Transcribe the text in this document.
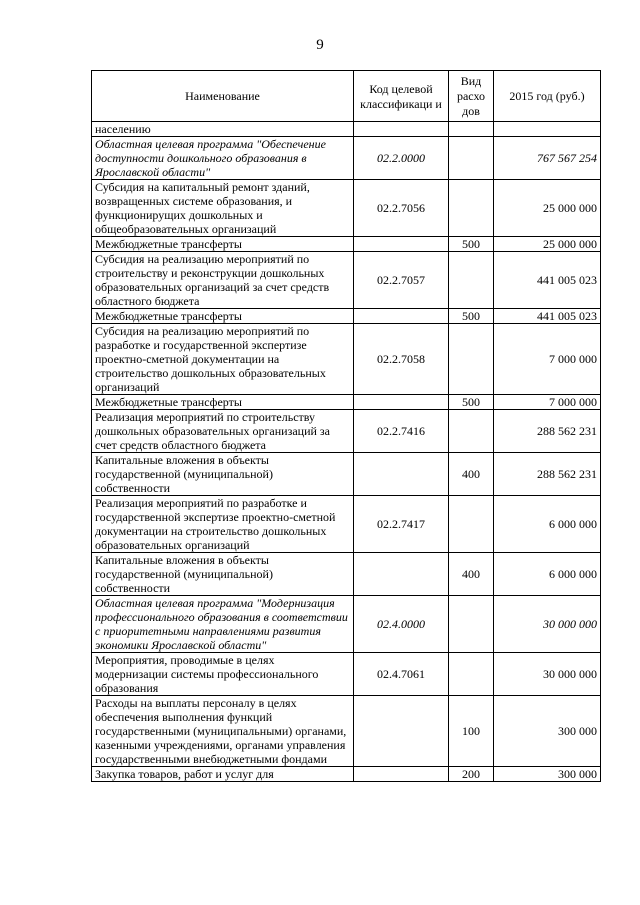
9
Наименование	Код целевой классификаци и	Вид расхо дов	2015 год (руб.)
населению			
Областная целевая программа "Обеспечение доступности дошкольного образования в Ярославской области"	02.2.0000		767 567 254
Субсидия на капитальный ремонт зданий, возвращенных системе образования, и функционирущих дошкольных и общеобразовательных организаций	02.2.7056		25 000 000
Межбюджетные трансферты		500	25 000 000
Субсидия на реализацию мероприятий по строительству и реконструкции дошкольных образовательных организаций за счет средств областного бюджета	02.2.7057		441 005 023
Межбюджетные трансферты		500	441 005 023
Субсидия на реализацию мероприятий по разработке и государственной экспертизе проектно-сметной документации на строительство дошкольных образовательных организаций	02.2.7058		7 000 000
Межбюджетные трансферты		500	7 000 000
Реализация мероприятий по строительству дошкольных образовательных организаций за счет средств областного бюджета	02.2.7416		288 562 231
Капитальные вложения в объекты государственной (муниципальной) собственности		400	288 562 231
Реализация мероприятий по разработке и государственной экспертизе проектно-сметной документации на строительство дошкольных образовательных организаций	02.2.7417		6 000 000
Капитальные вложения в объекты государственной (муниципальной) собственности		400	6 000 000
Областная целевая программа "Модернизация профессионального образования в соответствии с приоритетными направлениями развития экономики Ярославской области"	02.4.0000		30 000 000
Мероприятия, проводимые в целях модернизации системы профессионального образования	02.4.7061		30 000 000
Расходы на выплаты персоналу в целях обеспечения выполнения функций государственными (муниципальными) органами, казенными учреждениями, органами управления государственными внебюджетными фондами		100	300 000
Закупка товаров, работ и услуг для		200	300 000
